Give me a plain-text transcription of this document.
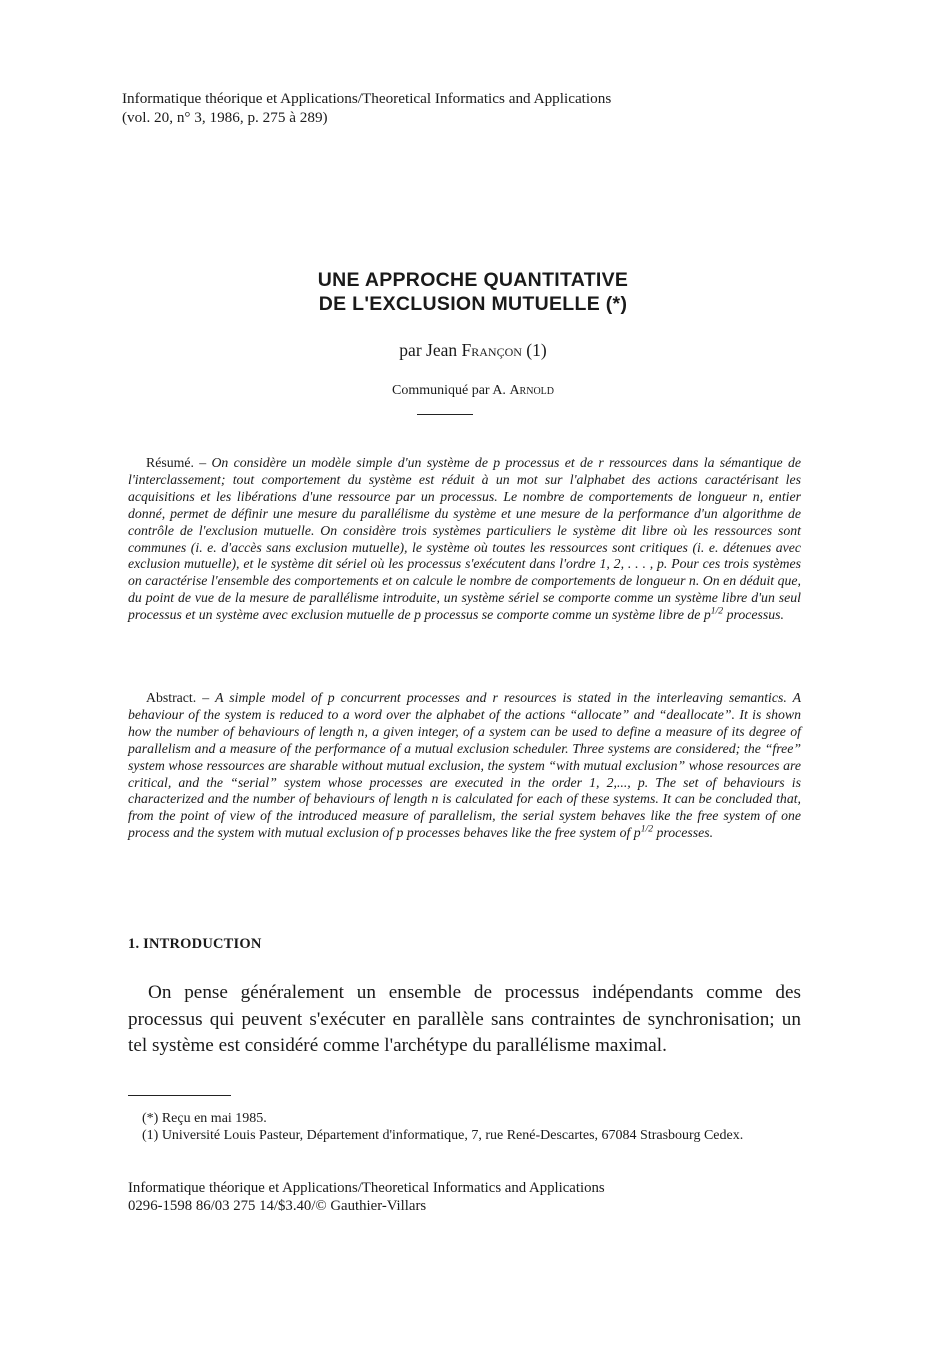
Informatique théorique et Applications/Theoretical Informatics and Applications
(vol. 20, n° 3, 1986, p. 275 à 289)
UNE APPROCHE QUANTITATIVE
DE L'EXCLUSION MUTUELLE (*)
par Jean Françon (1)
Communiqué par A. Arnold
Résumé. – On considère un modèle simple d'un système de p processus et de r ressources dans la sémantique de l'interclassement; tout comportement du système est réduit à un mot sur l'alphabet des actions caractérisant les acquisitions et les libérations d'une ressource par un processus. Le nombre de comportements de longueur n, entier donné, permet de définir une mesure du parallélisme du système et une mesure de la performance d'un algorithme de contrôle de l'exclusion mutuelle. On considère trois systèmes particuliers le système dit libre où les ressources sont communes (i. e. d'accès sans exclusion mutuelle), le système où toutes les ressources sont critiques (i. e. détenues avec exclusion mutuelle), et le système dit sériel où les processus s'exécutent dans l'ordre 1, 2, . . . , p. Pour ces trois systèmes on caractérise l'ensemble des comportements et on calcule le nombre de comportements de longueur n. On en déduit que, du point de vue de la mesure de parallélisme introduite, un système sériel se comporte comme un système libre d'un seul processus et un système avec exclusion mutuelle de p processus se comporte comme un système libre de $p^{1/2}$ processus.
Abstract. – A simple model of p concurrent processes and r resources is stated in the interleaving semantics. A behaviour of the system is reduced to a word over the alphabet of the actions “allocate” and “deallocate”. It is shown how the number of behaviours of length n, a given integer, of a system can be used to define a measure of its degree of parallelism and a measure of the performance of a mutual exclusion scheduler. Three systems are considered; the “free” system whose ressources are sharable without mutual exclusion, the system “with mutual exclusion” whose resources are critical, and the “serial” system whose processes are executed in the order 1, 2,..., p. The set of behaviours is characterized and the number of behaviours of length n is calculated for each of these systems. It can be concluded that, from the point of view of the introduced measure of parallelism, the serial system behaves like the free system of one process and the system with mutual exclusion of p processes behaves like the free system of $p^{1/2}$ processes.
1. INTRODUCTION
On pense généralement un ensemble de processus indépendants comme des processus qui peuvent s'exécuter en parallèle sans contraintes de synchronisation; un tel système est considéré comme l'archétype du parallélisme maximal.
(*) Reçu en mai 1985.
(1) Université Louis Pasteur, Département d'informatique, 7, rue René-Descartes, 67084 Strasbourg Cedex.
Informatique théorique et Applications/Theoretical Informatics and Applications
0296-1598 86/03 275 14/$3.40/© Gauthier-Villars
